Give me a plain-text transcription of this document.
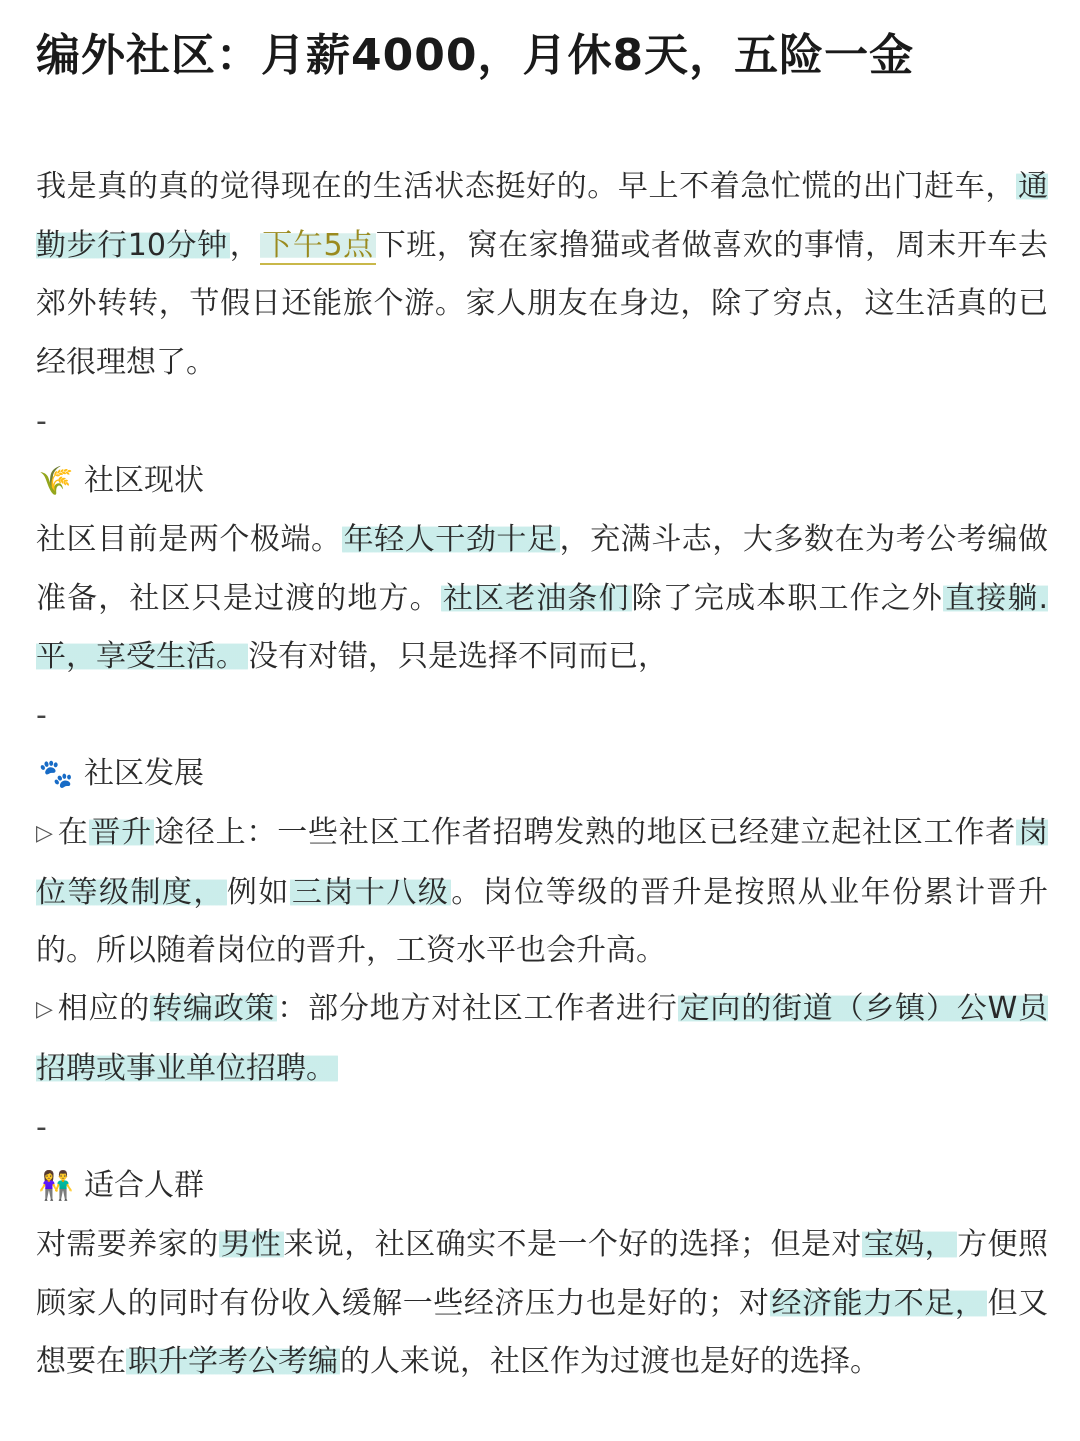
编外社区：月薪4000，月休8天，五险一金
我是真的真的觉得现在的生活状态挺好的。早上不着急忙慌的出门赶车，通勤步行10分钟，下午5点下班，窝在家撸猫或者做喜欢的事情，周末开车去郊外转转，节假日还能旅个游。家人朋友在身边，除了穷点，这生活真的已经很理想了。
-
🌾 社区现状
社区目前是两个极端。年轻人干劲十足，充满斗志，大多数在为考公考编做准备，社区只是过渡的地方。社区老油条们除了完成本职工作之外直接躺.平，享受生活。没有对错，只是选择不同而已，
-
🐾 社区发展
▷ 在晋升途径上：一些社区工作者招聘发熟的地区已经建立起社区工作者岗位等级制度，例如三岗十八级。岗位等级的晋升是按照从业年份累计晋升的。所以随着岗位的晋升，工资水平也会升高。
▷ 相应的转编政策：部分地方对社区工作者进行定向的街道（乡镇）公W员招聘或事业单位招聘。
-
👫 适合人群
对需要养家的男性来说，社区确实不是一个好的选择；但是对宝妈，方便照顾家人的同时有份收入缓解一些经济压力也是好的；对经济能力不足，但又想要在职升学考公考编的人来说，社区作为过渡也是好的选择。
